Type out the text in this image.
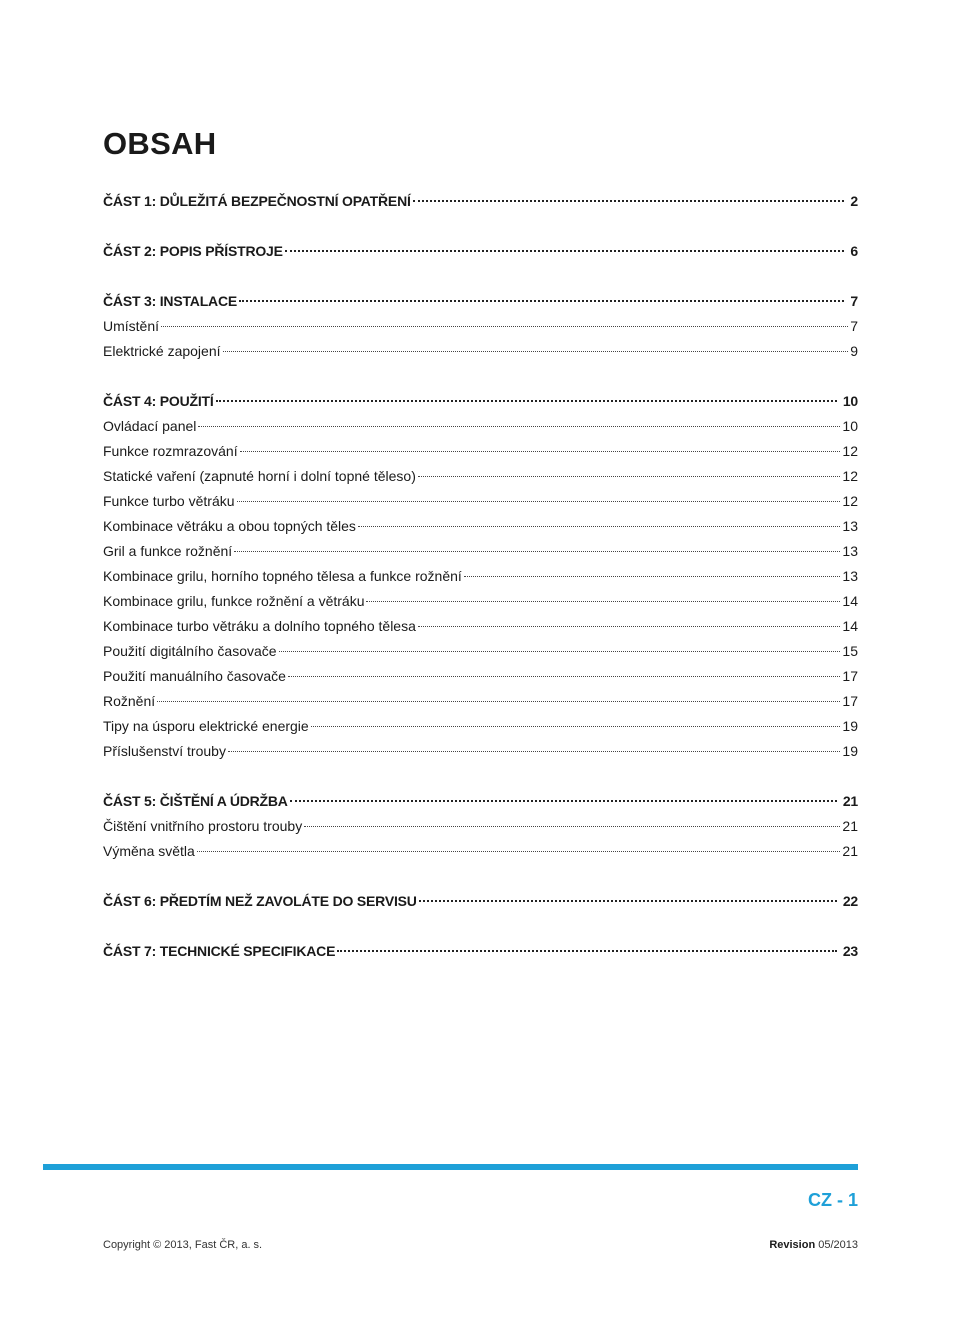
OBSAH
ČÁST 1: DŮLEŽITÁ BEZPEČNOSTNÍ OPATŘENÍ	2
ČÁST 2: POPIS PŘÍSTROJE	6
ČÁST 3: INSTALACE	7
Umístění	7
Elektrické zapojení	9
ČÁST 4: POUŽITÍ	10
Ovládací panel	10
Funkce rozmrazování	12
Statické vaření (zapnuté horní i dolní topné těleso)	12
Funkce turbo větráku	12
Kombinace větráku a obou topných těles	13
Gril a funkce rožnění	13
Kombinace grilu, horního topného tělesa a funkce rožnění	13
Kombinace grilu, funkce rožnění a větráku	14
Kombinace turbo větráku a dolního topného tělesa	14
Použití digitálního časovače	15
Použití manuálního časovače	17
Rožnění	17
Tipy na úsporu elektrické energie	19
Příslušenství trouby	19
ČÁST 5: ČIŠTĚNÍ A ÚDRŽBA	21
Čištění vnitřního prostoru trouby	21
Výměna světla	21
ČÁST 6: PŘEDTÍM NEŽ ZAVOLÁTE DO SERVISU	22
ČÁST 7: TECHNICKÉ SPECIFIKACE	23
CZ - 1
Copyright © 2013, Fast ČR, a. s.	Revision 05/2013
